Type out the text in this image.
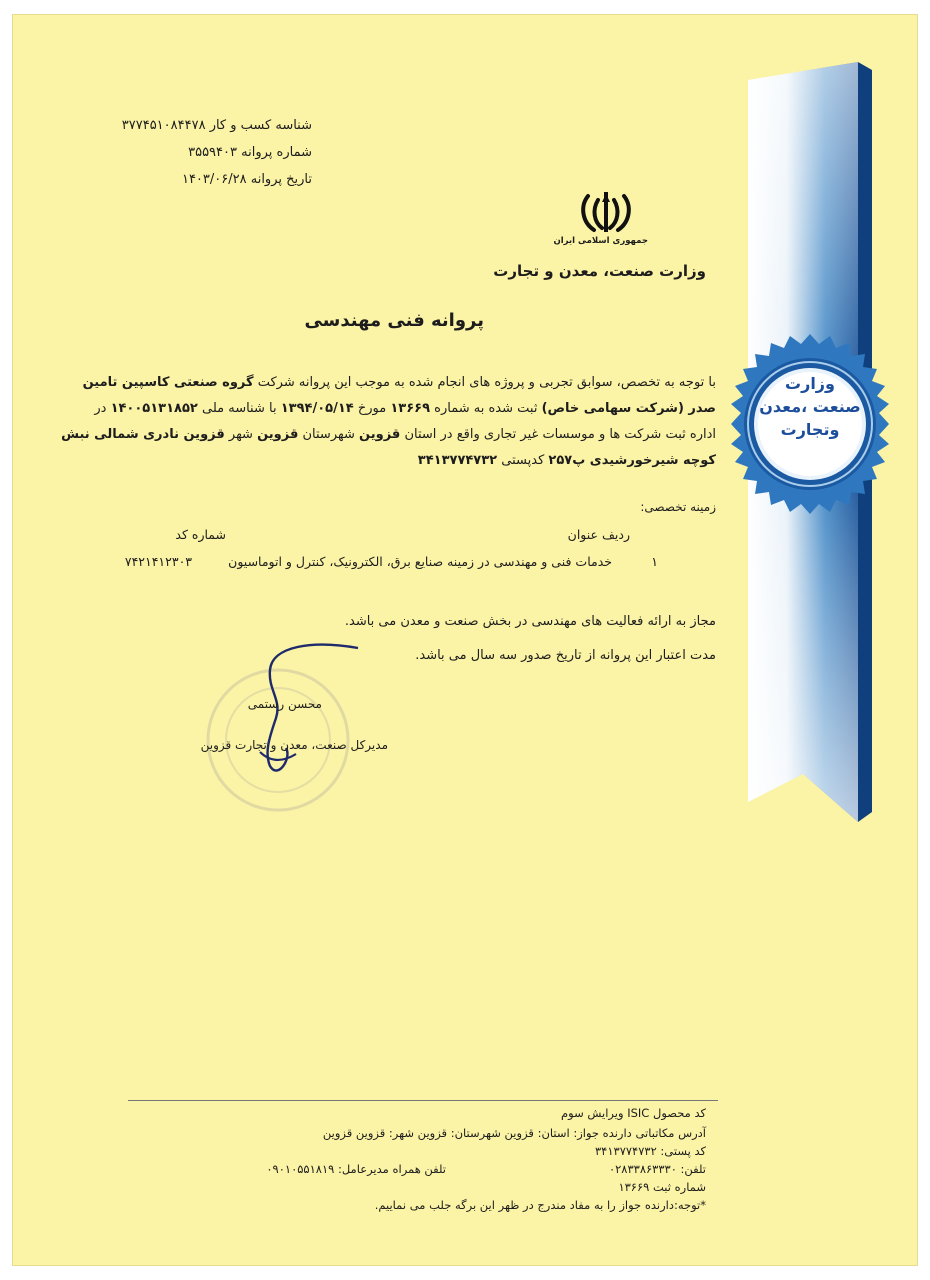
وزارت
صنعت ،معدن
وتجارت
شناسه کسب و کار ۳۷۷۴۵۱۰۸۴۴۷۸
شماره پروانه ۳۵۵۹۴۰۳
تاریخ پروانه ۱۴۰۳/۰۶/۲۸
جمهوری اسلامی ایران
وزارت صنعت، معدن و تجارت
پروانه فنی مهندسی
با توجه به تخصص، سوابق تجربی و پروژه های انجام شده به موجب این پروانه شرکت گروه صنعتی کاسپین تامین
صدر (شرکت سهامی خاص) ثبت شده به شماره ۱۳۶۶۹ مورخ ۱۳۹۴/۰۵/۱۴ با شناسه ملی ۱۴۰۰۵۱۳۱۸۵۲ در
اداره ثبت شرکت ها و موسسات غیر تجاری واقع در استان قزوین شهرستان قزوین شهر قزوین نادری شمالی نبش
کوچه شیرخورشیدی پ۲۵۷ کدپستی ۳۴۱۳۷۷۴۷۳۲
زمینه تخصصی:
ردیف عنوان
شماره کد
۱
خدمات فنی و مهندسی در زمینه صنایع برق، الکترونیک، کنترل و اتوماسیون
۷۴۲۱۴۱۲۳۰۳
مجاز به ارائه فعالیت های مهندسی در بخش صنعت و معدن می باشد.
مدت اعتبار این پروانه از تاریخ صدور سه سال می باشد.
محسن رستمی
مدیرکل صنعت، معدن و تجارت قزوین
کد محصول ISIC ویرایش سوم
آدرس مکاتباتی دارنده جواز: استان: قزوین شهرستان: قزوین شهر: قزوین قزوین
کد پستی: ۳۴۱۳۷۷۴۷۳۲
تلفن: ۰۲۸۳۳۸۶۳۳۳۰
تلفن همراه مدیرعامل: ۰۹۰۱۰۵۵۱۸۱۹
شماره ثبت ۱۳۶۶۹
*توجه:دارنده جواز را به مفاد مندرج در ظهر این برگه جلب می نماییم.
